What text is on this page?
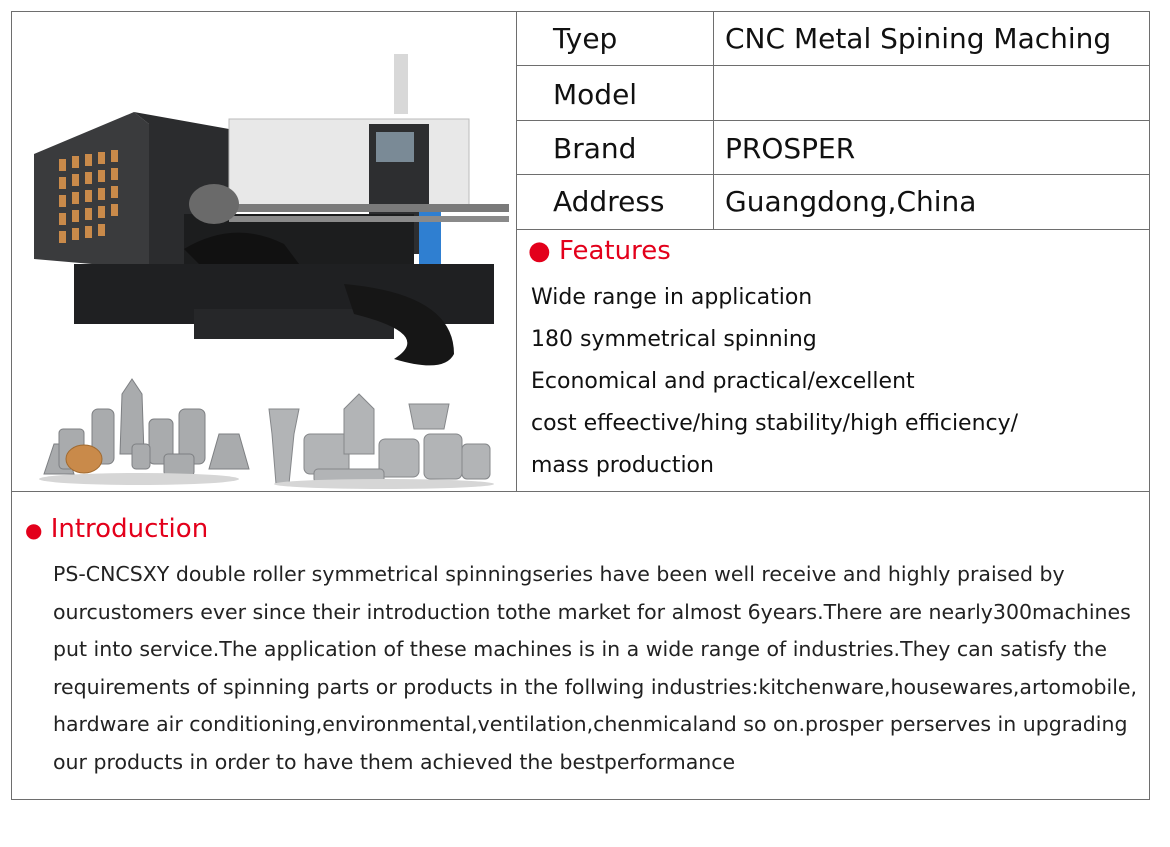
Tyep	CNC Metal Spining Maching
Model
Brand	PROSPER
Address Guangdong,China
● Features
Wide range in application
180 symmetrical spinning
Economical and practical/excellent
cost effeective/hing stability/high efficiency/
mass production
● Introduction
PS-CNCSXY double roller symmetrical spinningseries have been well receive and highly praised by ourcustomers ever since their introduction tothe market for almost 6years.There are nearly300machines put into service.The application of these machines is in a wide range of industries.They can satisfy the requirements of spinning parts or products in the follwing industries:kitchenware,housewares,artomobile, hardware air conditioning,environmental,ventilation,chenmicaland so on.prosper perserves in upgrading our products in order to have them achieved the bestperformance
